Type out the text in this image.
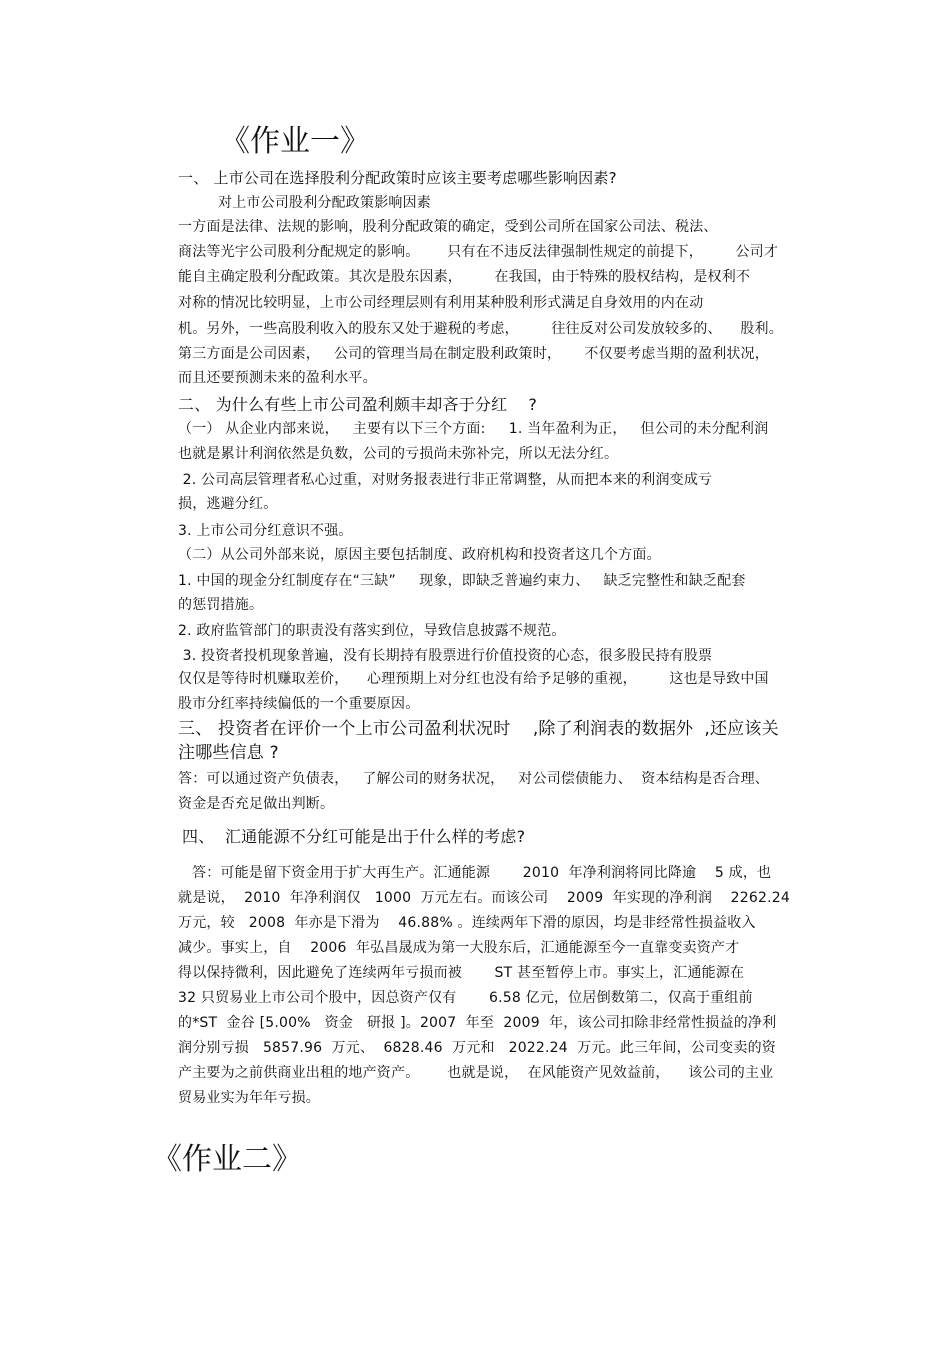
《作业一》
一、 上市公司在选择股利分配政策时应该主要考虑哪些影响因素?
对上市公司股利分配政策影响因素
一方面是法律、法规的影响，股利分配政策的确定，受到公司所在国家公司法、税法、
商法等光宇公司股利分配规定的影响。      只有在不违反法律强制性规定的前提下，       公司才
能自主确定股利分配政策。其次是股东因素，       在我国，由于特殊的股权结构，是权利不
对称的情况比较明显，上市公司经理层则有利用某种股利形式满足自身效用的内在动
机。另外，一些高股利收入的股东又处于避税的考虑，       往往反对公司发放较多的、    股利。
第三方面是公司因素，   公司的管理当局在制定股利政策时，     不仅要考虑当期的盈利状况，
而且还要预测未来的盈利水平。
二、 为什么有些上市公司盈利颇丰却吝于分红    ?
（一） 从企业内部来说，   主要有以下三个方面:     1. 当年盈利为正，   但公司的未分配利润
也就是累计利润依然是负数，公司的亏损尚未弥补完，所以无法分红。
2. 公司高层管理者私心过重，对财务报表进行非正常调整，从而把本来的利润变成亏
损，逃避分红。
3. 上市公司分红意识不强。
（二）从公司外部来说，原因主要包括制度、政府机构和投资者这几个方面。
1. 中国的现金分红制度存在“三缺”     现象，即缺乏普遍约束力、   缺乏完整性和缺乏配套
的惩罚措施。
2. 政府监管部门的职责没有落实到位，导致信息披露不规范。
3. 投资者投机现象普遍，没有长期持有股票进行价值投资的心态，很多股民持有股票
仅仅是等待时机赚取差价，    心理预期上对分红也没有给予足够的重视，       这也是导致中国
股市分红率持续偏低的一个重要原因。
三、 投资者在评价一个上市公司盈利状况时    ,除了利润表的数据外  ,还应该关
注哪些信息 ?
答：可以通过资产负债表，   了解公司的财务状况，   对公司偿债能力、  资本结构是否合理、
资金是否充足做出判断。
四、  汇通能源不分红可能是出于什么样的考虑?
答：可能是留下资金用于扩大再生产。汇通能源       2010  年净利润将同比降逾    5 成，也
就是说，  2010  年净利润仅   1000  万元左右。而该公司    2009  年实现的净利润    2262.24
万元，较   2008  年亦是下滑为    46.88% 。连续两年下滑的原因，均是非经常性损益收入
减少。事实上，自    2006  年弘昌晟成为第一大股东后，汇通能源至今一直靠变卖资产才
得以保持微利，因此避免了连续两年亏损而被       ST 甚至暂停上市。事实上，汇通能源在
32 只贸易业上市公司个股中，因总资产仅有       6.58 亿元，位居倒数第二，仅高于重组前
的*ST  金谷 [5.00%   资金   研报 ]。2007  年至  2009  年，该公司扣除非经常性损益的净利
润分别亏损   5857.96  万元、  6828.46  万元和   2022.24  万元。此三年间，公司变卖的资
产主要为之前供商业出租的地产资产。      也就是说，  在风能资产见效益前，    该公司的主业
贸易业实为年年亏损。
《作业二》
